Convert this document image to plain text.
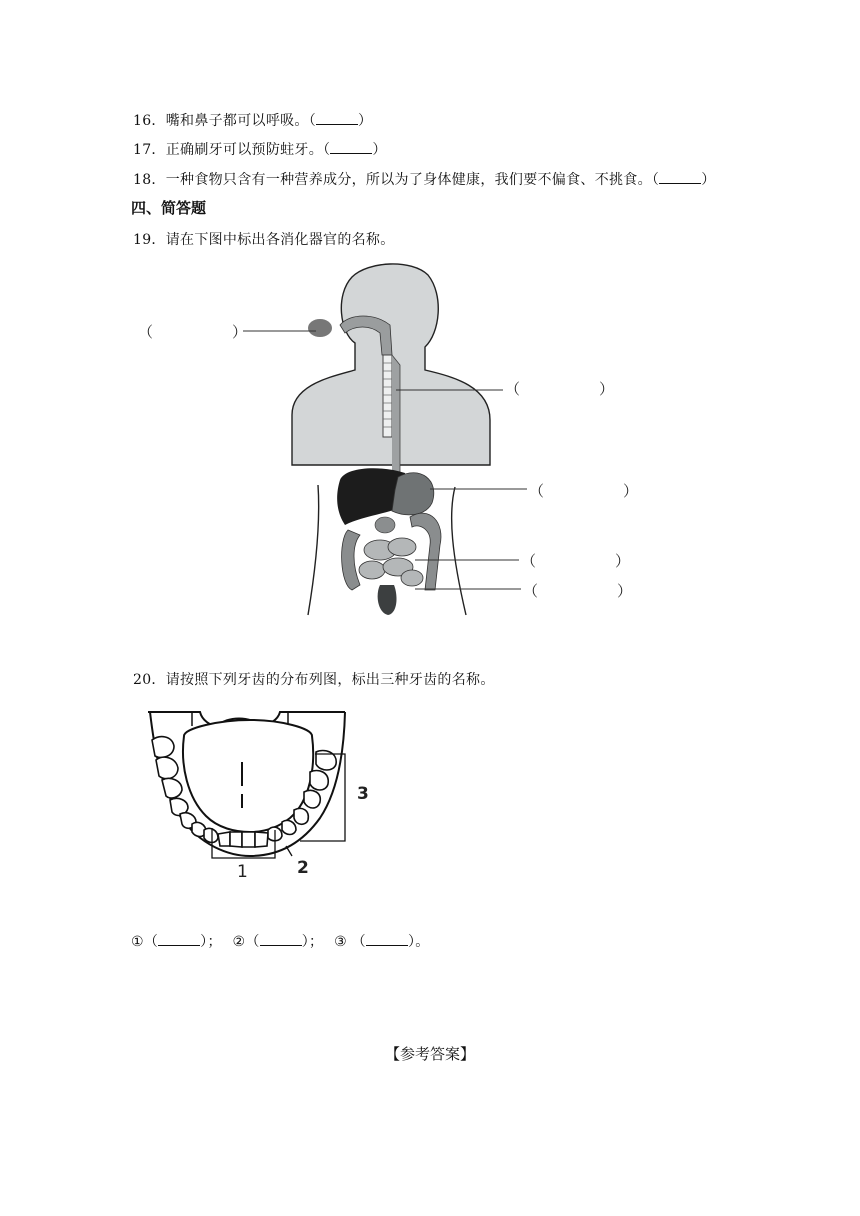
16．嘴和鼻子都可以呼吸。（	）
17．正确刷牙可以预防蛀牙。（	）
18．一种食物只含有一种营养成分，所以为了身体健康，我们要不偏食、不挑食。（	）
四、简答题
19．请在下图中标出各消化器官的名称。
（	）
（	）
（	）
（	）
（	）
20．请按照下列牙齿的分布列图，标出三种牙齿的名称。
1	2
3
①（	）； ②（	）； ③ （	）。
【参考答案】
